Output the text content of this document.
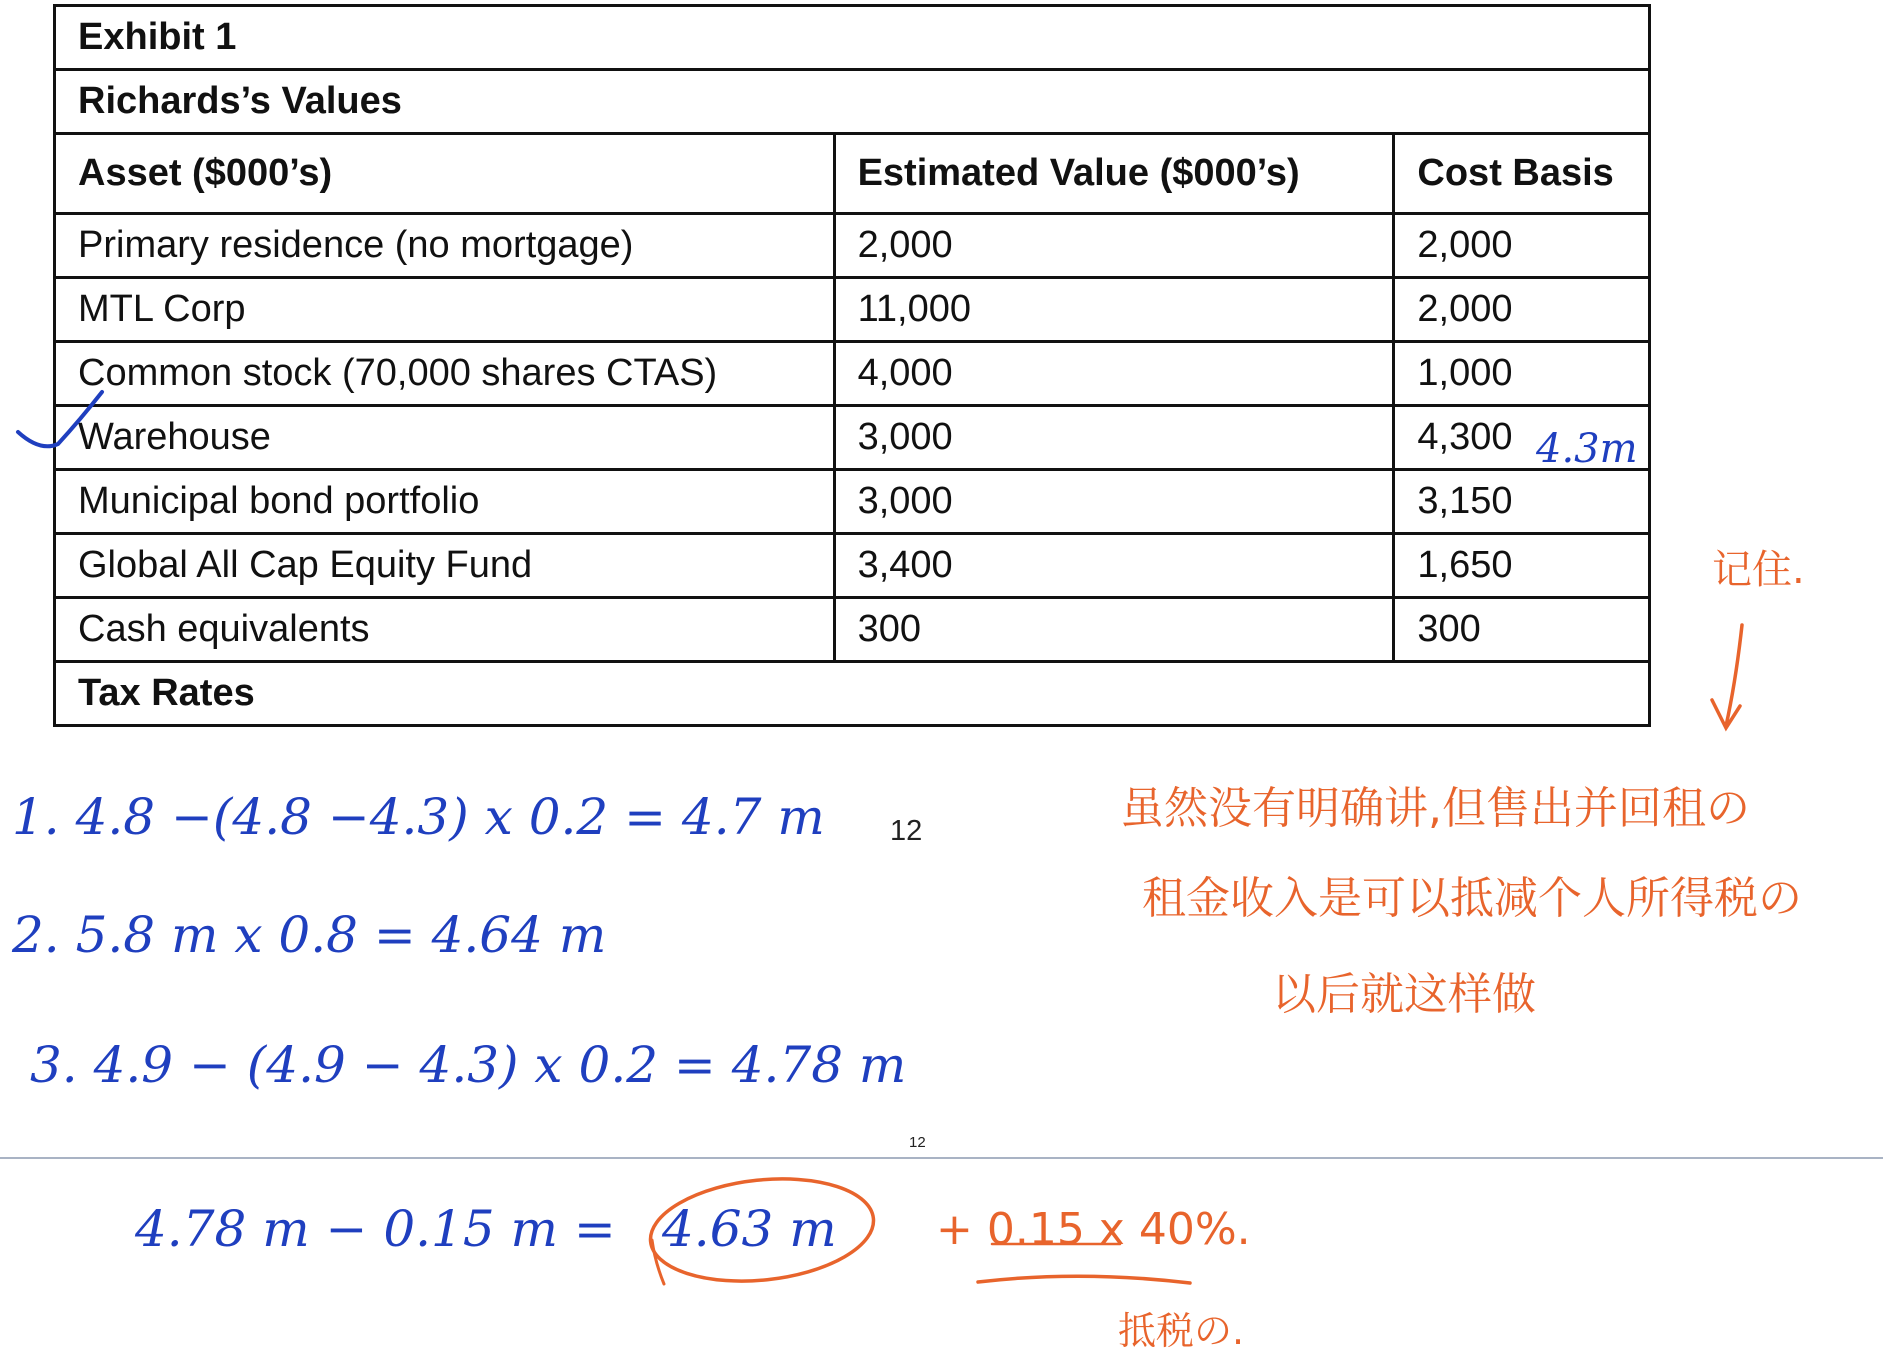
Exhibit 1		
Richards’s Values		
Asset ($000’s)	Estimated Value ($000’s)	Cost Basis
Primary residence (no mortgage)	2,000	2,000
MTL Corp	11,000	2,000
Common stock (70,000 shares CTAS)	4,000	1,000
Warehouse	3,000	4,300
Municipal bond portfolio	3,000	3,150
Global All Cap Equity Fund	3,400	1,650
Cash equivalents	300	300
Tax Rates		
4.3m
1. 4.8 −(4.8 −4.3) x 0.2 = 4.7 m
2. 5.8 m x 0.8 = 4.64 m
3. 4.9 − (4.9 − 4.3) x 0.2 = 4.78 m
4.78 m − 0.15 m = 4.63 m
12
12
记住.
虽然没有明确讲,但售出并回租の
租金收入是可以抵减个人所得税の
以后就这样做
+ 0.15 x 40%.
抵税の.
